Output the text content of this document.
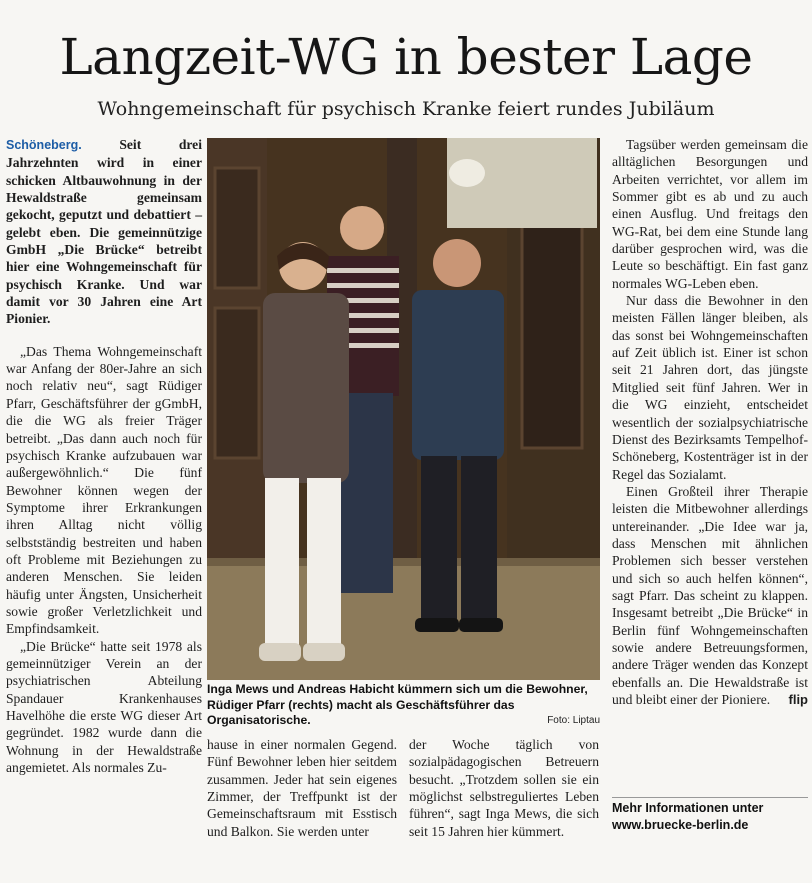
Langzeit-WG in bester Lage
Wohngemeinschaft für psychisch Kranke feiert rundes Jubiläum

Schöneberg.	Seit drei Jahrzehnten wird in einer schicken Altbauwohnung in der Hewaldstraße gemeinsam gekocht, geputzt und debattiert – gelebt eben. Die gemeinnützige GmbH „Die Brücke“ betreibt hier eine Wohngemeinschaft für psychisch Kranke. Und war damit vor 30 Jahren eine Art Pionier.

„Das Thema Wohngemeinschaft war Anfang der 80er-Jahre an sich noch relativ neu“, sagt Rüdiger Pfarr, Geschäftsführer der gGmbH, die die WG als freier Träger betreibt. „Das dann auch noch für psychisch Kranke aufzubauen war außergewöhnlich.“ Die fünf Bewohner können wegen der Symptome ihrer Erkrankungen ihren Alltag nicht völlig selbstständig bestreiten und haben oft Probleme mit Beziehungen zu anderen Menschen. Sie leiden häufig unter Ängsten, Unsicherheit sowie großer Verletzlichkeit und Empfindsamkeit.

„Die Brücke“ hatte seit 1978 als gemeinnütziger Verein an der psychiatrischen Abteilung Spandauer Krankenhauses Havelhöhe die erste WG dieser Art gegründet. 1982 wurde dann die Wohnung in der Hewaldstraße angemietet. Als normales Zu-

Inga Mews und Andreas Habicht kümmern sich um die Bewohner, Rüdiger Pfarr (rechts) macht als Geschäftsführer das Organisatorische.	Foto: Liptau

hause in einer normalen Gegend. Fünf Bewohner leben hier seitdem zusammen. Jeder hat sein eigenes Zimmer, der Treffpunkt ist der Gemeinschaftsraum mit Esstisch und Balkon. Sie werden unter

der Woche täglich von sozialpädagogischen Betreuern besucht. „Trotzdem sollen sie ein möglichst selbstreguliertes Leben führen“, sagt Inga Mews, die sich seit 15 Jahren hier kümmert.

Tagsüber werden gemeinsam die alltäglichen Besorgungen und Arbeiten verrichtet, vor allem im Sommer gibt es ab und zu auch einen Ausflug. Und freitags den WG-Rat, bei dem eine Stunde lang darüber gesprochen wird, was die Leute so beschäftigt. Ein fast ganz normales WG-Leben eben.

Nur dass die Bewohner in den meisten Fällen länger bleiben, als das sonst bei Wohngemeinschaften auf Zeit üblich ist. Einer ist schon seit 21 Jahren dort, das jüngste Mitglied seit fünf Jahren. Wer in die WG einzieht, entscheidet wesentlich der sozialpsychiatrische Dienst des Bezirksamts Tempelhof-Schöneberg, Kostenträger ist in der Regel das Sozialamt.

Einen Großteil ihrer Therapie leisten die Mitbewohner allerdings untereinander. „Die Idee war ja, dass Menschen mit ähnlichen Problemen sich besser verstehen und sich so auch helfen können“, sagt Pfarr. Das scheint zu klappen. Insgesamt betreibt „Die Brücke“ in Berlin fünf Wohngemeinschaften sowie andere Betreuungsformen, andere Träger wenden das Konzept ebenfalls an. Die Hewaldstraße ist und bleibt einer der Pioniere.	flip

Mehr Informationen unter
www.bruecke-berlin.de
